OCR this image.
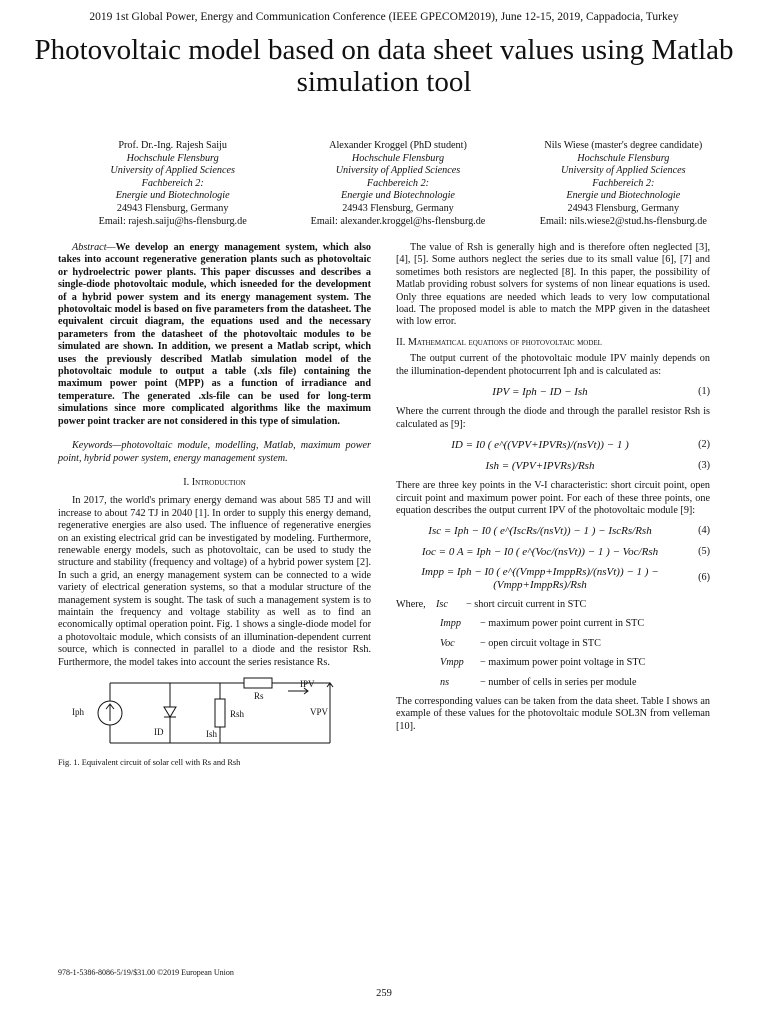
2019 1st Global Power, Energy and Communication Conference (IEEE GPECOM2019), June 12-15, 2019, Cappadocia, Turkey
Photovoltaic model based on data sheet values using Matlab simulation tool
Prof. Dr.-Ing. Rajesh Saiju
Hochschule Flensburg
University of Applied Sciences
Fachbereich 2:
Energie und Biotechnologie
24943 Flensburg, Germany
Email: rajesh.saiju@hs-flensburg.de
Alexander Kroggel (PhD student)
Hochschule Flensburg
University of Applied Sciences
Fachbereich 2:
Energie und Biotechnologie
24943 Flensburg, Germany
Email: alexander.kroggel@hs-flensburg.de
Nils Wiese (master's degree candidate)
Hochschule Flensburg
University of Applied Sciences
Fachbereich 2:
Energie und Biotechnologie
24943 Flensburg, Germany
Email: nils.wiese2@stud.hs-flensburg.de

Abstract—We develop an energy management system, which also takes into account regenerative generation plants such as photovoltaic or hydroelectric power plants. This paper discusses and describes a single-diode photovoltaic module, which isneeded for the development of a hybrid power system and its energy management system. The photovoltaic model is based on five parameters from the datasheet. The equivalent circuit diagram, the equations used and the necessary parameters from the datasheet of the photovoltaic modules to be simulated are shown. In addition, we present a Matlab script, which uses the previously described Matlab simulation model of the photovoltaic module to output a table (.xls file) containing the maximum power point (MPP) as a function of irradiance and temperature. The generated .xls-file can be used for long-term simulations since more complicated algorithms like the maximum power point tracker are not considered in this type of simulation.

Keywords—photovoltaic module, modelling, Matlab, maximum power point, hybrid power system, energy management system.

I. Introduction

In 2017, the world's primary energy demand was about 585 TJ and will increase to about 742 TJ in 2040 [1]. In order to supply this energy demand, regenerative energies are also used. The influence of regenerative energies on an existing electrical grid can be investigated by modeling. Furthermore, renewable energy models, such as photovoltaic, can be used to study the structure and stability (frequency and voltage) of a hybrid power system [2]. In such a grid, an energy management system can be connected to a wide variety of electrical generation systems, so that a modular structure of the management system is sought. The task of such a management system is to maintain the frequency and voltage stability as well as to find an economically optimal operation point. Fig. 1 shows a single-diode model for a photovoltaic module, which consists of an illumination-dependent current source, which is connected in parallel to a diode and the resistor Rsh. Furthermore, the model takes into account the series resistance Rs.

Iph
ID	Ish
Rsh
Rs
IPV
VPV

Fig. 1. Equivalent circuit of solar cell with Rs and Rsh

The value of Rsh is generally high and is therefore often neglected [3], [4], [5]. Some authors neglect the series due to its small value [6], [7] and sometimes both resistors are neglected [8]. In this paper, the possibility of Matlab providing robust solvers for systems of non linear equations is used. Only three equations are needed which leads to very low computational load. The proposed model is able to match the MPP given in the datasheet with low error.

II. Mathematical equations of photovoltaic model

The output current of the photovoltaic module IPV mainly depends on the illumination-dependent photocurrent Iph and is calculated as:

IPV = Iph − ID − Ish	(1)

Where the current through the diode and through the parallel resistor Rsh is calculated as [9]:

ID = I0 ( e^((VPV+IPVRs)/(nsVt)) − 1 )	(2)
Ish = (VPV+IPVRs)/Rsh	(3)

There are three key points in the V-I characteristic: short circuit point, open circuit point and maximum power point. For each of these three points, one equation describes the output current IPV of the photovoltaic module [9]:

Isc = Iph − I0 ( e^(IscRs/(nsVt)) − 1 ) − IscRs/Rsh	(4)
Ioc = 0 A = Iph − I0 ( e^(Voc/(nsVt)) − 1 ) − Voc/Rsh	(5)
Impp = Iph − I0 ( e^((Vmpp+ImppRs)/(nsVt)) − 1 ) − (Vmpp+ImppRs)/Rsh
(6)
Where,	Isc	− short circuit current in STC
Impp	− maximum power point current in STC
Voc	− open circuit voltage in STC
Vmpp	− maximum power point voltage in STC
ns	− number of cells in series per module

The corresponding values can be taken from the data sheet. Table I shows an example of these values for the photovoltaic module SOL3N from velleman [10].

978-1-5386-8086-5/19/$31.00 ©2019 European Union
259
